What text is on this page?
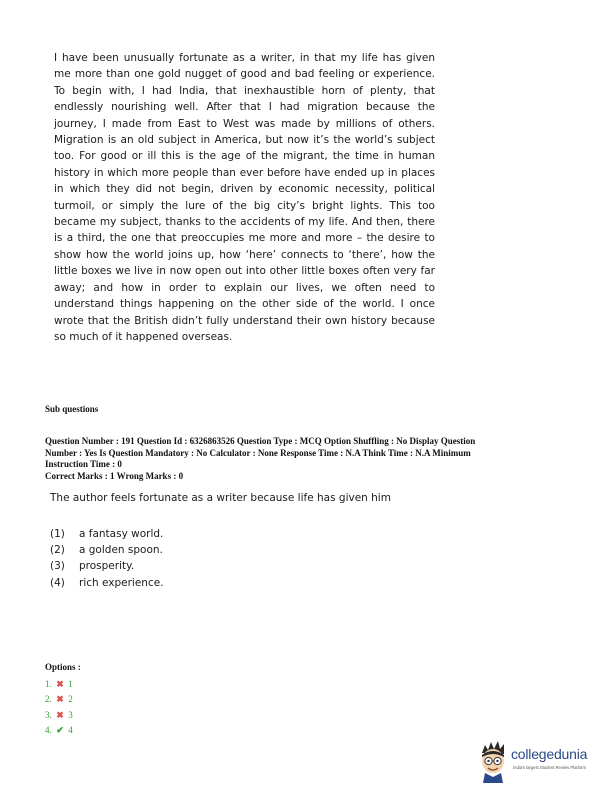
I have been unusually fortunate as a writer, in that my life has given me more than one gold nugget of good and bad feeling or experience. To begin with, I had India, that inexhaustible horn of plenty, that endlessly nourishing well. After that I had migration because the journey, I made from East to West was made by millions of others. Migration is an old subject in America, but now it’s the world’s subject too. For good or ill this is the age of the migrant, the time in human history in which more people than ever before have ended up in places in which they did not begin, driven by economic necessity, political turmoil, or simply the lure of the big city’s bright lights. This too became my subject, thanks to the accidents of my life. And then, there is a third, the one that preoccupies me more and more – the desire to show how the world joins up, how ‘here’ connects to ‘there’, how the little boxes we live in now open out into other little boxes often very far away; and how in order to explain our lives, we often need to understand things happening on the other side of the world. I once wrote that the British didn’t fully understand their own history because so much of it happened overseas.
Sub questions
Question Number : 191 Question Id : 6326863526 Question Type : MCQ Option Shuffling : No Display Question
Number : Yes Is Question Mandatory : No Calculator : None Response Time : N.A Think Time : N.A Minimum
Instruction Time : 0
Correct Marks : 1 Wrong Marks : 0
The author feels fortunate as a writer because life has given him
(1) a fantasy world.
(2) a golden spoon.
(3) prosperity.
(4) rich experience.
Options :
1. ✖ 1
2. ✖ 2
3. ✖ 3
4. ✔ 4
collegedunia
India's largest Student Review Platform
